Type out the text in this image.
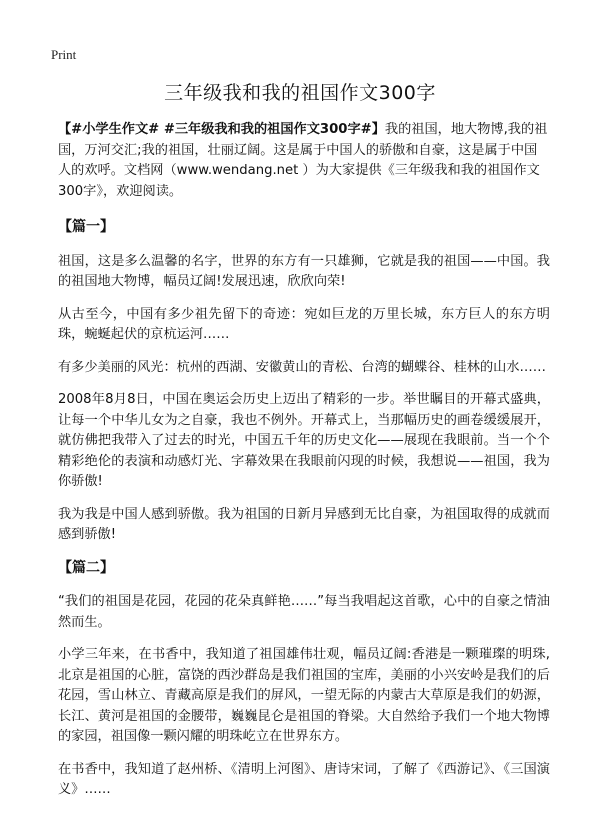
Print
三年级我和我的祖国作文300字
【#小学生作文# #三年级我和我的祖国作文300字#】我的祖国，地大物博,我的祖国，万河交汇;我的祖国，壮丽辽阔。这是属于中国人的骄傲和自豪，这是属于中国人的欢呼。文档网（www.wendang.net ）为大家提供《三年级我和我的祖国作文300字》，欢迎阅读。
【篇一】

祖国，这是多么温馨的名字，世界的东方有一只雄狮，它就是我的祖国——中国。我的祖国地大物博，幅员辽阔!发展迅速，欣欣向荣!

从古至今，中国有多少祖先留下的奇迹：宛如巨龙的万里长城，东方巨人的东方明珠，蜿蜒起伏的京杭运河……

有多少美丽的风光：杭州的西湖、安徽黄山的青松、台湾的蝴蝶谷、桂林的山水……

2008年8月8日，中国在奥运会历史上迈出了精彩的一步。举世瞩目的开幕式盛典，让每一个中华儿女为之自豪，我也不例外。开幕式上，当那幅历史的画卷缓缓展开，就仿佛把我带入了过去的时光，中国五千年的历史文化——展现在我眼前。当一个个精彩绝伦的表演和动感灯光、字幕效果在我眼前闪现的时候，我想说——祖国，我为你骄傲!

我为我是中国人感到骄傲。我为祖国的日新月异感到无比自豪，为祖国取得的成就而感到骄傲!

【篇二】

“我们的祖国是花园，花园的花朵真鲜艳……”每当我唱起这首歌，心中的自豪之情油然而生。

小学三年来，在书香中，我知道了祖国雄伟壮观，幅员辽阔:香港是一颗璀璨的明珠,北京是祖国的心脏，富饶的西沙群岛是我们祖国的宝库，美丽的小兴安岭是我们的后花园，雪山林立、青藏高原是我们的屏风，一望无际的内蒙古大草原是我们的奶源，长江、黄河是祖国的金腰带，巍巍昆仑是祖国的脊梁。大自然给予我们一个地大物博的家园，祖国像一颗闪耀的明珠屹立在世界东方。

在书香中，我知道了赵州桥、《清明上河图》、唐诗宋词，了解了《西游记》、《三国演义》……
